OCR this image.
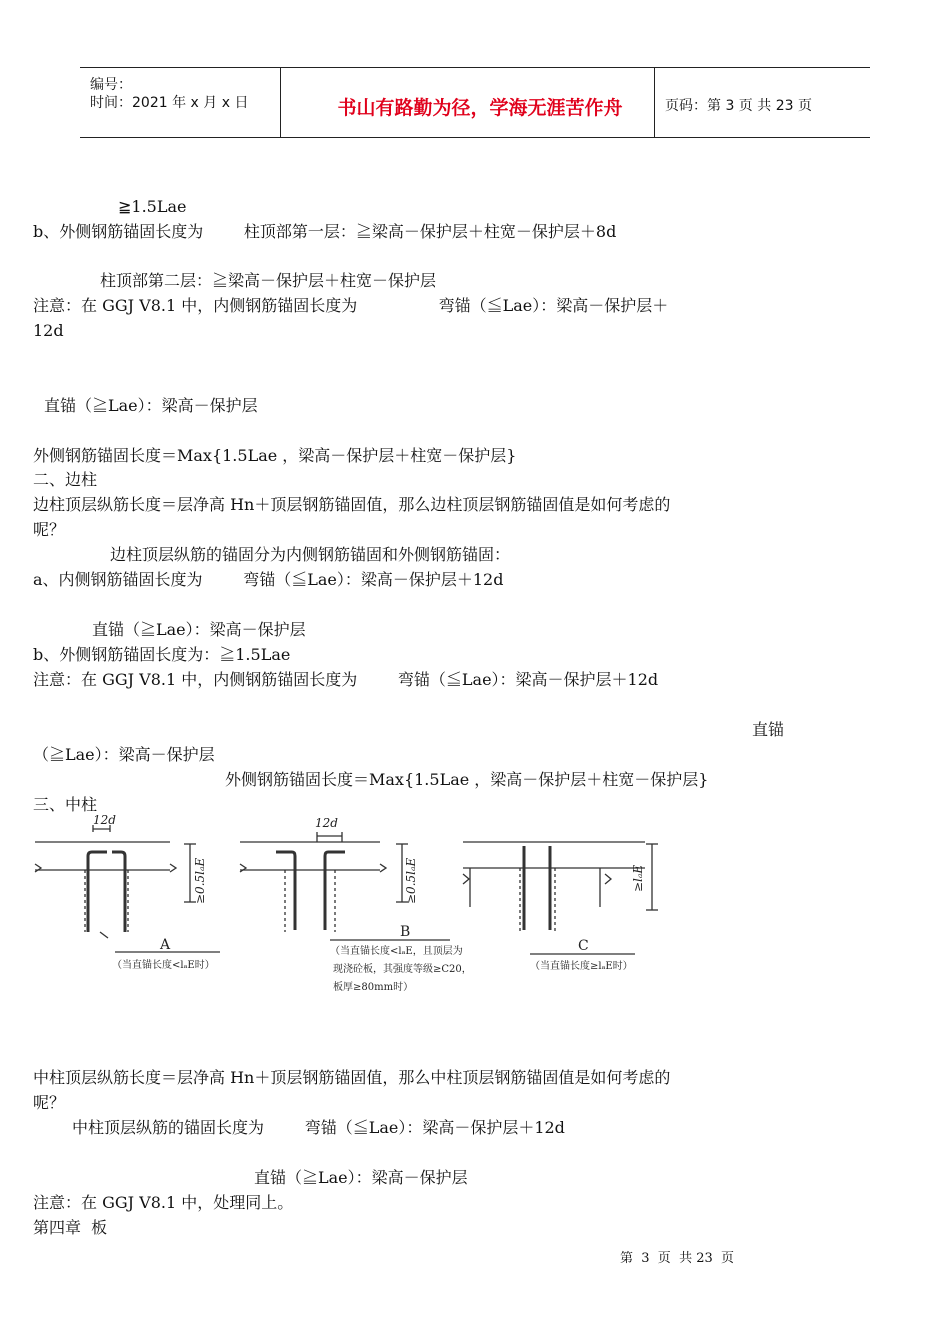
编号：
时间：2021 年 x 月 x 日	书山有路勤为径，学海无涯苦作舟	页码：第 3 页 共 23 页
≧1.5Lae
b、外侧钢筋锚固长度为        柱顶部第一层：≧梁高－保护层＋柱宽－保护层＋8d
柱顶部第二层：≧梁高－保护层＋柱宽－保护层
注意：在 GGJ V8.1 中，内侧钢筋锚固长度为                弯锚（≦Lae）：梁高－保护层＋
12d
直锚（≧Lae）：梁高－保护层
外侧钢筋锚固长度＝Max{1.5Lae ，梁高－保护层＋柱宽－保护层}
二、边柱
边柱顶层纵筋长度＝层净高 Hn＋顶层钢筋锚固值，那么边柱顶层钢筋锚固值是如何考虑的
呢？
边柱顶层纵筋的锚固分为内侧钢筋锚固和外侧钢筋锚固：
a、内侧钢筋锚固长度为        弯锚（≦Lae）：梁高－保护层＋12d
直锚（≧Lae）：梁高－保护层
b、外侧钢筋锚固长度为：≧1.5Lae
注意：在 GGJ V8.1 中，内侧钢筋锚固长度为        弯锚（≦Lae）：梁高－保护层＋12d
直锚
（≧Lae）：梁高－保护层
外侧钢筋锚固长度＝Max{1.5Lae ，梁高－保护层＋柱宽－保护层}
三、中柱
12d
≥0.5lₐE
A
（当直锚长度<lₐE时）
12d
≥0.5lₐE
B
（当直锚长度<lₐE，且顶层为
现浇砼板，其强度等级≥C20，
板厚≥80mm时）
≥lₐE
C
（当直锚长度≥lₐE时）
中柱顶层纵筋长度＝层净高 Hn＋顶层钢筋锚固值，那么中柱顶层钢筋锚固值是如何考虑的
呢？
中柱顶层纵筋的锚固长度为        弯锚（≦Lae）：梁高－保护层＋12d
直锚（≧Lae）：梁高－保护层
注意：在 GGJ V8.1 中，处理同上。
第四章  板
第  3  页  共 23  页
